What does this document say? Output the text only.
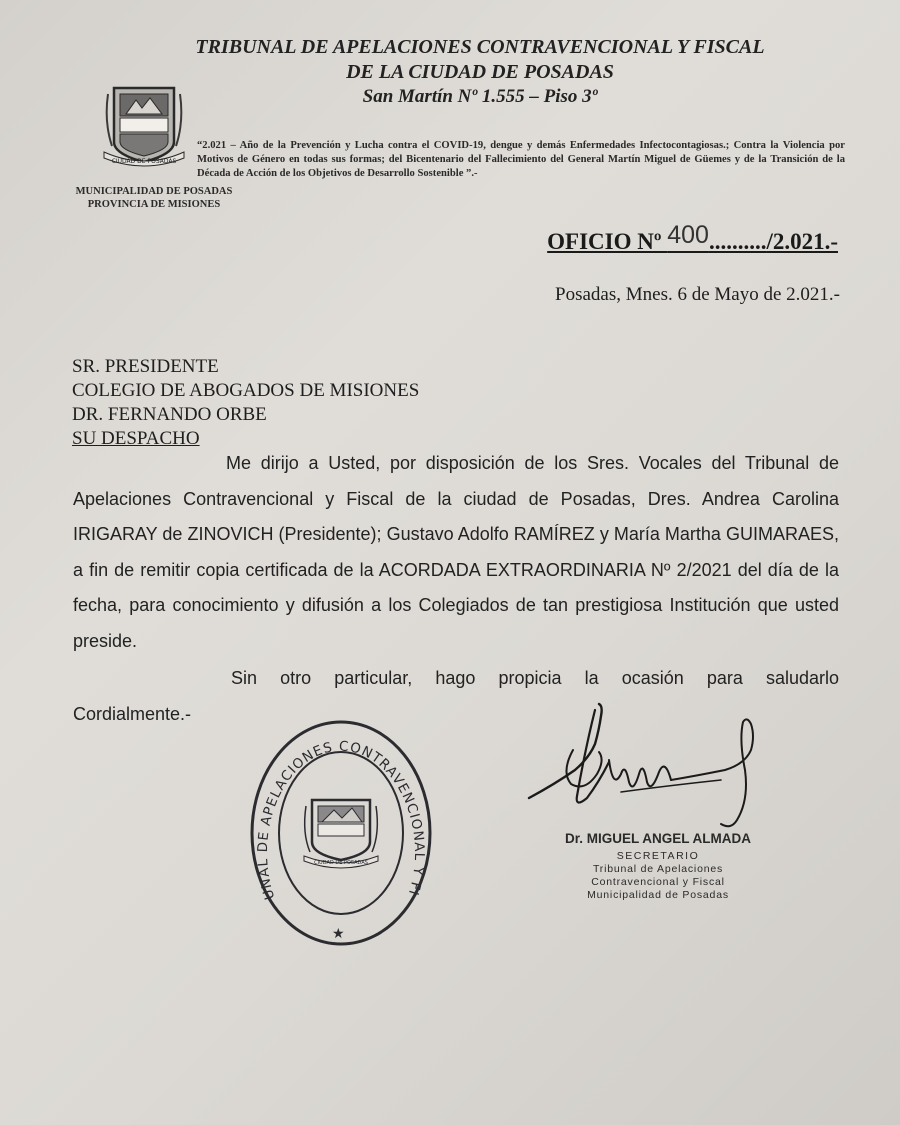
TRIBUNAL DE APELACIONES CONTRAVENCIONAL Y FISCAL
DE LA CIUDAD DE POSADAS
San Martín Nº 1.555 – Piso 3º
CIUDAD DE POSADAS
“2.021 – Año de la Prevención y Lucha contra el COVID-19, dengue y demás Enfermedades Infectocontagiosas.; Contra la Violencia por Motivos de Género en todas sus formas; del Bicentenario del Fallecimiento del General Martín Miguel de Güemes y de la Transición de la Década de Acción de los Objetivos de Desarrollo Sostenible ”.-
MUNICIPALIDAD DE POSADAS
PROVINCIA DE MISIONES
OFICIO Nº 400........../2.021.-
Posadas, Mnes. 6 de Mayo de 2.021.-
SR. PRESIDENTE
COLEGIO DE ABOGADOS DE MISIONES
DR. FERNANDO ORBE
SU DESPACHO
Me dirijo a Usted, por disposición de los Sres. Vocales del Tribunal de Apelaciones Contravencional y Fiscal de la ciudad de Posadas, Dres. Andrea Carolina IRIGARAY de ZINOVICH (Presidente); Gustavo Adolfo RAMÍREZ y María Martha GUIMARAES, a fin de remitir copia certificada de la ACORDADA EXTRAORDINARIA Nº 2/2021 del día de la fecha, para conocimiento y difusión a los Colegiados de tan prestigiosa Institución que usted preside.
Sin otro particular, hago propicia la ocasión para saludarlo
Cordialmente.-
UNAL DE APELACIONES CONTRAVENCIONAL Y FI
CIUDAD DE POSADAS
★
Dr. MIGUEL ANGEL ALMADA
SECRETARIO
Tribunal de Apelaciones
Contravencional y Fiscal
Municipalidad de Posadas
